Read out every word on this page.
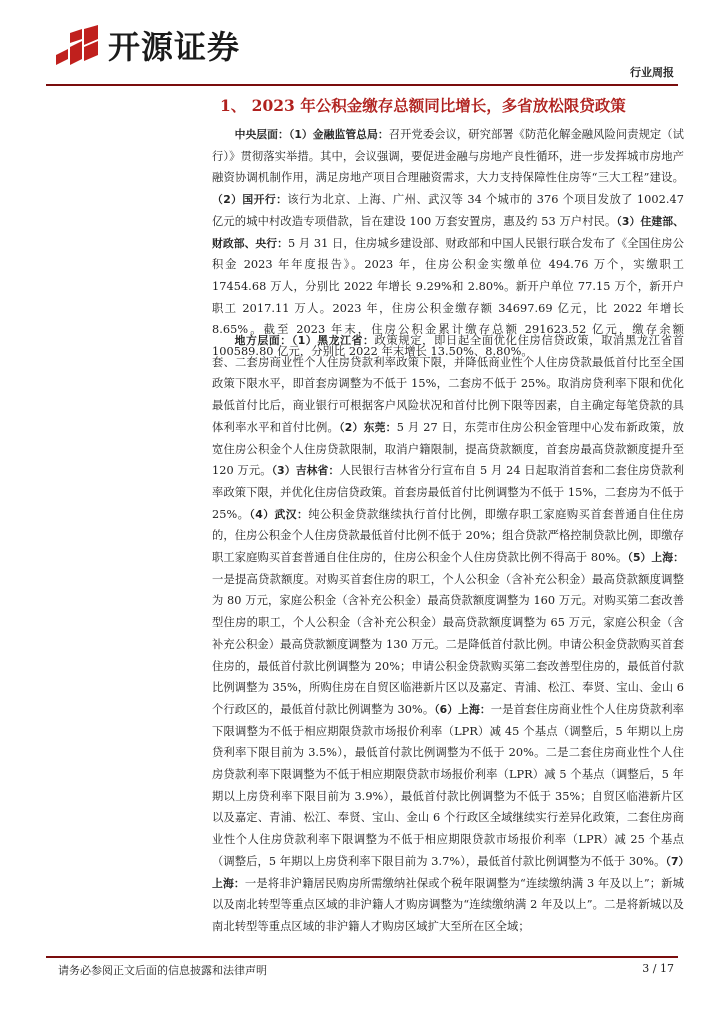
开源证券
行业周报
1、 2023 年公积金缴存总额同比增长，多省放松限贷政策

中央层面：（1）金融监管总局：召开党委会议，研究部署《防范化解金融风险问责规定（试行）》贯彻落实举措。其中，会议强调，要促进金融与房地产良性循环，进一步发挥城市房地产融资协调机制作用，满足房地产项目合理融资需求，大力支持保障性住房等“三大工程”建设。（2）国开行：该行为北京、上海、广州、武汉等 34 个城市的 376 个项目发放了 1002.47 亿元的城中村改造专项借款，旨在建设 100 万套安置房，惠及约 53 万户村民。（3）住建部、财政部、央行：5 月 31 日，住房城乡建设部、财政部和中国人民银行联合发布了《全国住房公积金 2023 年年度报告》。2023 年，住房公积金实缴单位 494.76 万个，实缴职工 17454.68 万人，分别比 2022 年增长 9.29%和 2.80%。新开户单位 77.15 万个，新开户职工 2017.11 万人。2023 年，住房公积金缴存额 34697.69 亿元，比 2022 年增长 8.65%。截至 2023 年末，住房公积金累计缴存总额 291623.52 亿元，缴存余额 100589.80 亿元，分别比 2022 年末增长 13.50%、8.80%。

地方层面：（1）黑龙江省：政策规定，即日起全面优化住房信贷政策，取消黑龙江省首套、二套房商业性个人住房贷款利率政策下限，并降低商业性个人住房贷款最低首付比至全国政策下限水平，即首套房调整为不低于 15%，二套房不低于 25%。取消房贷利率下限和优化最低首付比后，商业银行可根据客户风险状况和首付比例下限等因素，自主确定每笔贷款的具体利率水平和首付比例。（2）东莞：5 月 27 日，东莞市住房公积金管理中心发布新政策，放宽住房公积金个人住房贷款限制，取消户籍限制，提高贷款额度，首套房最高贷款额度提升至 120 万元。（3）吉林省：人民银行吉林省分行宣布自 5 月 24 日起取消首套和二套住房贷款利率政策下限，并优化住房信贷政策。首套房最低首付比例调整为不低于 15%，二套房为不低于 25%。（4）武汉：纯公积金贷款继续执行首付比例，即缴存职工家庭购买首套普通自住住房的，住房公积金个人住房贷款最低首付比例不低于 20%；组合贷款严格控制贷款比例，即缴存职工家庭购买首套普通自住住房的，住房公积金个人住房贷款比例不得高于 80%。（5）上海：一是提高贷款额度。对购买首套住房的职工，个人公积金（含补充公积金）最高贷款额度调整为 80 万元，家庭公积金（含补充公积金）最高贷款额度调整为 160 万元。对购买第二套改善型住房的职工，个人公积金（含补充公积金）最高贷款额度调整为 65 万元，家庭公积金（含补充公积金）最高贷款额度调整为 130 万元。二是降低首付款比例。申请公积金贷款购买首套住房的，最低首付款比例调整为 20%；申请公积金贷款购买第二套改善型住房的，最低首付款比例调整为 35%，所购住房在自贸区临港新片区以及嘉定、青浦、松江、奉贤、宝山、金山 6 个行政区的，最低首付款比例调整为 30%。（6）上海：一是首套住房商业性个人住房贷款利率下限调整为不低于相应期限贷款市场报价利率（LPR）减 45 个基点（调整后，5 年期以上房贷利率下限目前为 3.5%），最低首付款比例调整为不低于 20%。二是二套住房商业性个人住房贷款利率下限调整为不低于相应期限贷款市场报价利率（LPR）减 5 个基点（调整后，5 年期以上房贷利率下限目前为 3.9%），最低首付款比例调整为不低于 35%；自贸区临港新片区以及嘉定、青浦、松江、奉贤、宝山、金山 6 个行政区全域继续实行差异化政策，二套住房商业性个人住房贷款利率下限调整为不低于相应期限贷款市场报价利率（LPR）减 25 个基点（调整后，5 年期以上房贷利率下限目前为 3.7%），最低首付款比例调整为不低于 30%。（7）上海：一是将非沪籍居民购房所需缴纳社保或个税年限调整为“连续缴纳满 3 年及以上”；新城以及南北转型等重点区域的非沪籍人才购房调整为“连续缴纳满 2 年及以上”。二是将新城以及南北转型等重点区域的非沪籍人才购房区域扩大至所在区全域；

请务必参阅正文后面的信息披露和法律声明	3 / 17
